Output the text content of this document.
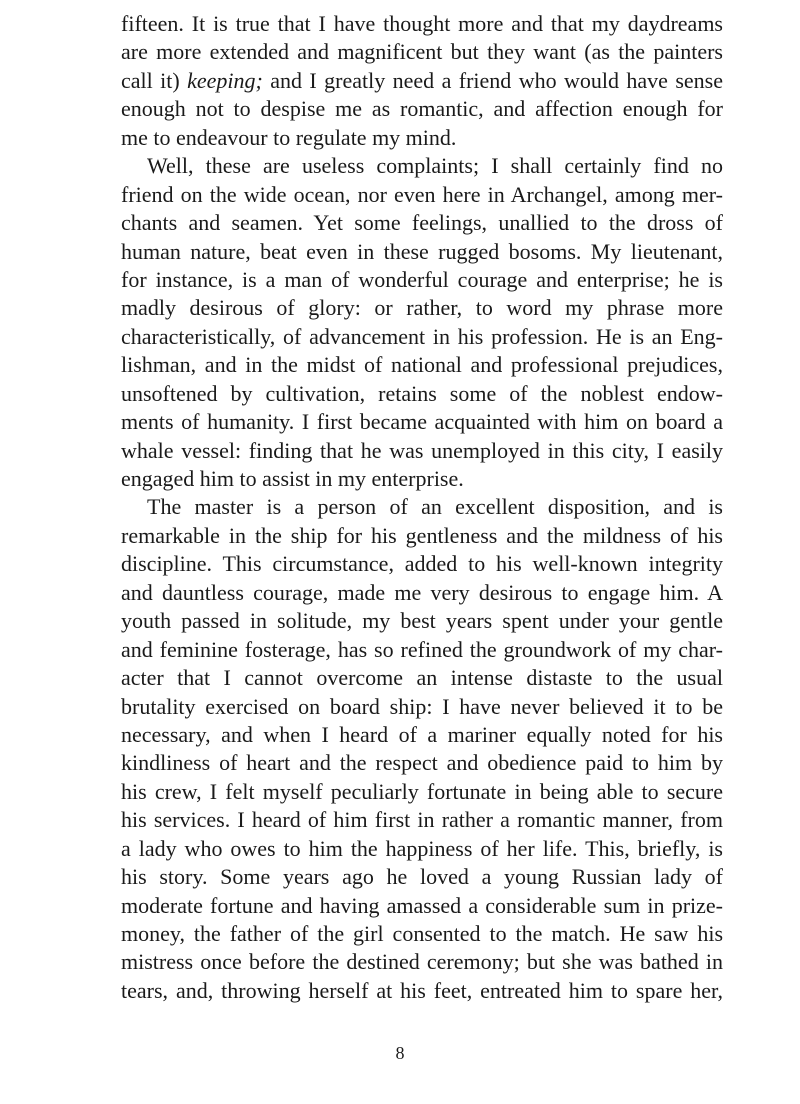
fifteen. It is true that I have thought more and that my daydreams
are more extended and magnificent but they want (as the painters
call it) keeping; and I greatly need a friend who would have sense
enough not to despise me as romantic, and affection enough for
me to endeavour to regulate my mind.
Well, these are useless complaints; I shall certainly find no
friend on the wide ocean, nor even here in Archangel, among mer-
chants and seamen. Yet some feelings, unallied to the dross of
human nature, beat even in these rugged bosoms. My lieutenant,
for instance, is a man of wonderful courage and enterprise; he is
madly desirous of glory: or rather, to word my phrase more
characteristically, of advancement in his profession. He is an Eng-
lishman, and in the midst of national and professional prejudices,
unsoftened by cultivation, retains some of the noblest endow-
ments of humanity. I first became acquainted with him on board a
whale vessel: finding that he was unemployed in this city, I easily
engaged him to assist in my enterprise.
The master is a person of an excellent disposition, and is
remarkable in the ship for his gentleness and the mildness of his
discipline. This circumstance, added to his well-known integrity
and dauntless courage, made me very desirous to engage him. A
youth passed in solitude, my best years spent under your gentle
and feminine fosterage, has so refined the groundwork of my char-
acter that I cannot overcome an intense distaste to the usual
brutality exercised on board ship: I have never believed it to be
necessary, and when I heard of a mariner equally noted for his
kindliness of heart and the respect and obedience paid to him by
his crew, I felt myself peculiarly fortunate in being able to secure
his services. I heard of him first in rather a romantic manner, from
a lady who owes to him the happiness of her life. This, briefly, is
his story. Some years ago he loved a young Russian lady of
moderate fortune and having amassed a considerable sum in prize-
money, the father of the girl consented to the match. He saw his
mistress once before the destined ceremony; but she was bathed in
tears, and, throwing herself at his feet, entreated him to spare her,
8
